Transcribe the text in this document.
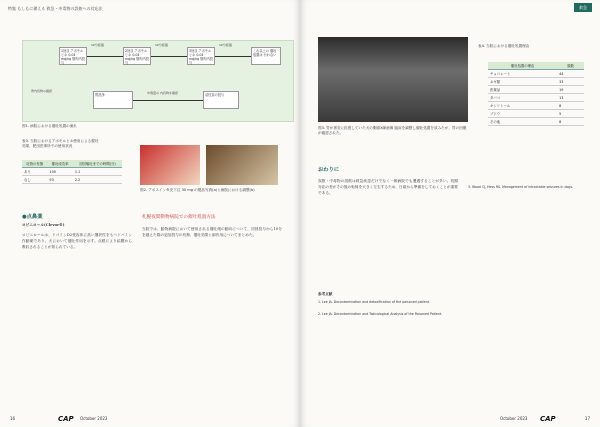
特集 もしもに備える 救急・中毒物の誤飲への対応法
1回目 アポモルヒネ 0.04 mg/kg 筋肉内投与
10分経過
2回目 アポモルヒネ 0.04 mg/kg 筋肉内投与
10分経過
3回目 アポモルヒネ 0.04 mg/kg 筋肉内投与
10分経過
これ以上の 催吐処置は 行わない
胃洗浄	中毒量の 内容物を確認	活性炭の投与
胃内容物の確認
図1. 病院における催吐処置の流れ
表3. 当院におけるアポモルヒネ使用による催吐効果、肥田医事所での使用状況
吐物の有無	催吐成功率	初回嘔吐までの時間(分)
あり	100	1.1
なし	93	2.2
図2. アポスイン®皮下注 30 mg の製品写真(a)と病院における調整(b)
●点鼻薬
ロピニロール(Clevor®)
ロピニロールは、ドパミンD2受容体に高い選択性をもつドパミン作動薬であり、犬において催吐作用を示す。点眼により結膜から吸収されることが知られている。
札幌夜間動物病院での催吐処置方法
当院では、動物病院において使用される催吐剤の動向について、初回投与から10分を越えた際の追加投与の有無、催吐効果と副作用についてまとめた。
16	CAP October 2023
救急
図3. 胃が著変に拡張していた犬の側面X線画像 臨床を調整し催吐処置を試みたが、胃の回避が確認された。
おわりに
誤飲・中毒物の誤飲は救急疾患だけでなく一般病院でも遭遇することが多い。初期対応の差がその後の転帰を大きく左右するため、日頃から準備をしておくことが重要である。
参考文献
1. Lee JA. Decontamination and detoxification of the poisoned patient.
2. Lee JA. Decontamination and Toxicological Analysis of the Poisoned Patient.
3. Wood CJ, Hess RS. Management of intractable seizures in dogs.
表4. 当院における催吐処置理由
催吐処置の理由	頭数
チョコレート	44
ネギ類	33
医薬品	19
タバコ	13
キシリトール	8
ブドウ	5
その他	8
October 2023 CAP	17
